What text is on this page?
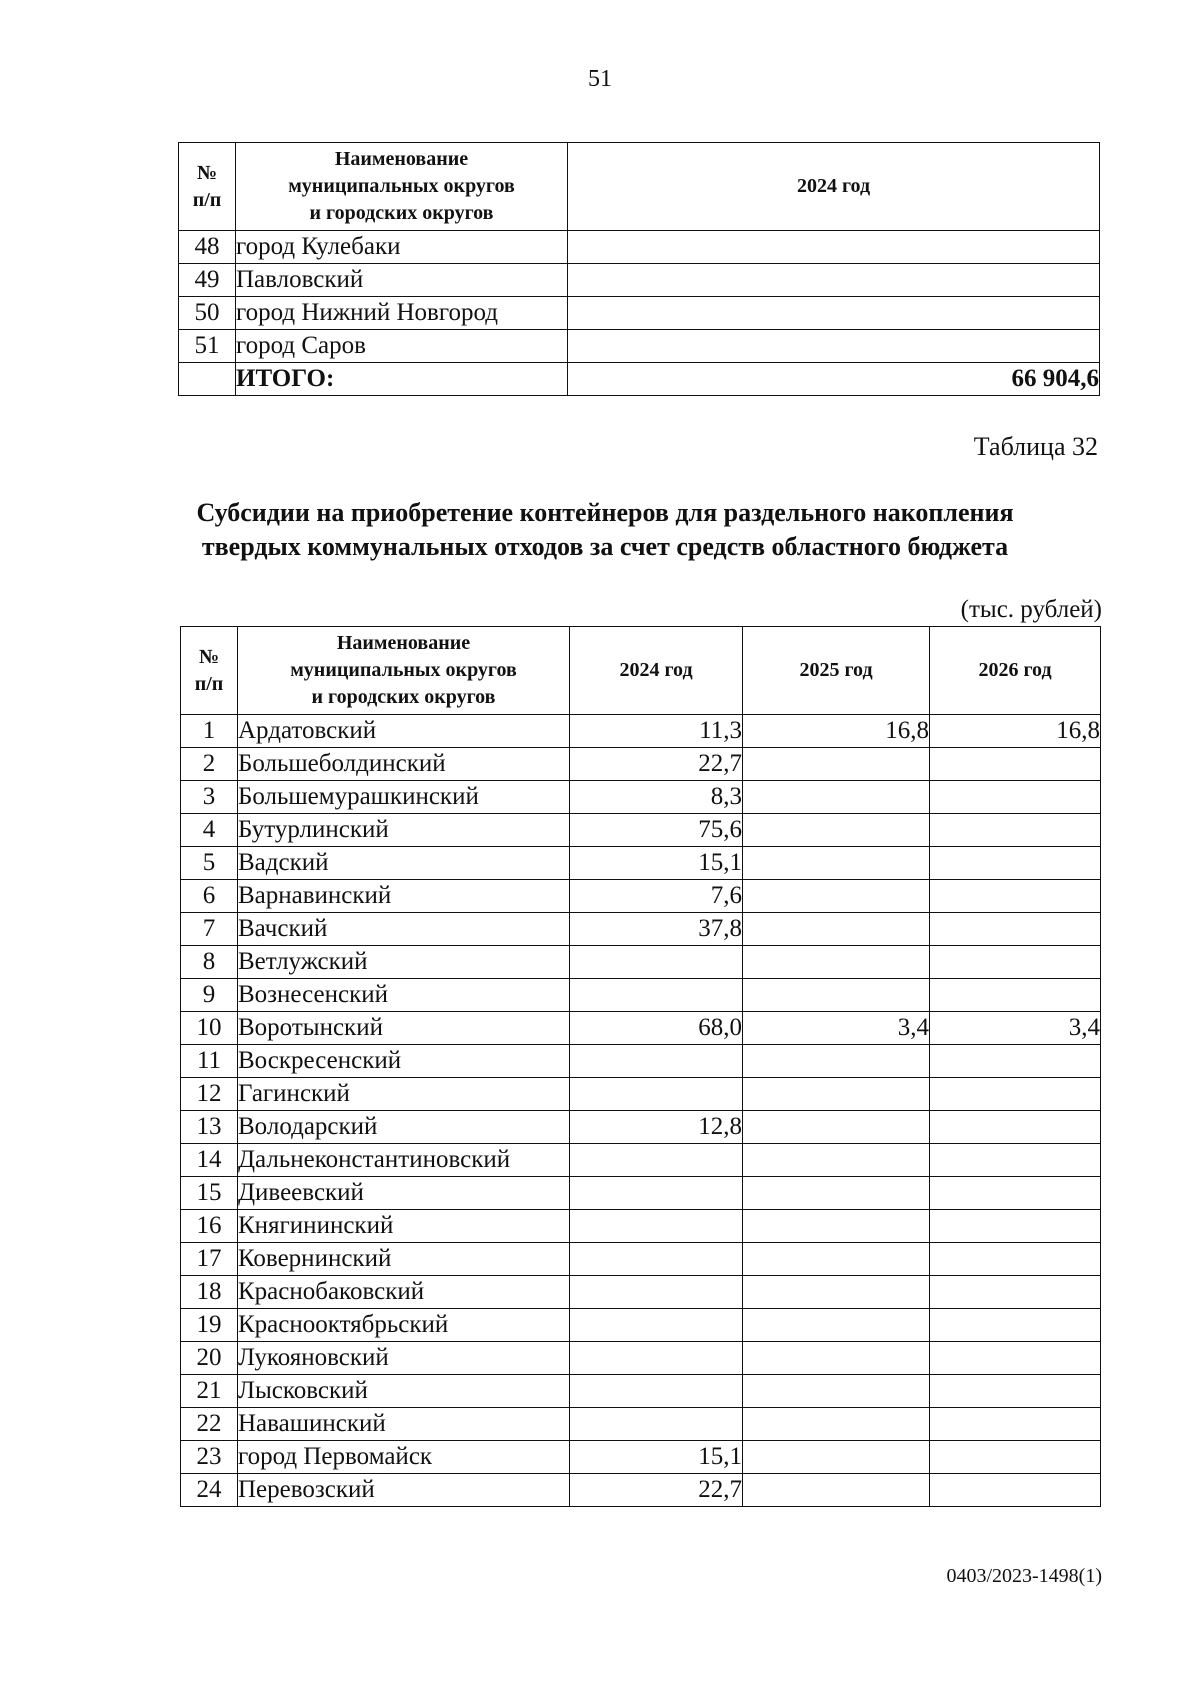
51
№
п/п	Наименование
муниципальных округов
и городских округов	2024 год
48	город Кулебаки	
49	Павловский	
50	город Нижний Новгород	
51	город Саров	
	ИТОГО:	66 904,6
Таблица 32
Субсидии на приобретение контейнеров для раздельного накопления
твердых коммунальных отходов за счет средств областного бюджета
(тыс. рублей)
№
п/п	Наименование
муниципальных округов
и городских округов	2024 год	2025 год	2026 год
1	Ардатовский	11,3	16,8	16,8
2	Большеболдинский	22,7		
3	Большемурашкинский	8,3		
4	Бутурлинский	75,6		
5	Вадский	15,1		
6	Варнавинский	7,6		
7	Вачский	37,8		
8	Ветлужский			
9	Вознесенский			
10	Воротынский	68,0	3,4	3,4
11	Воскресенский			
12	Гагинский			
13	Володарский	12,8		
14	Дальнеконстантиновский			
15	Дивеевский			
16	Княгининский			
17	Ковернинский			
18	Краснобаковский			
19	Краснооктябрьский			
20	Лукояновский			
21	Лысковский			
22	Навашинский			
23	город Первомайск	15,1		
24	Перевозский	22,7		
0403/2023-1498(1)
